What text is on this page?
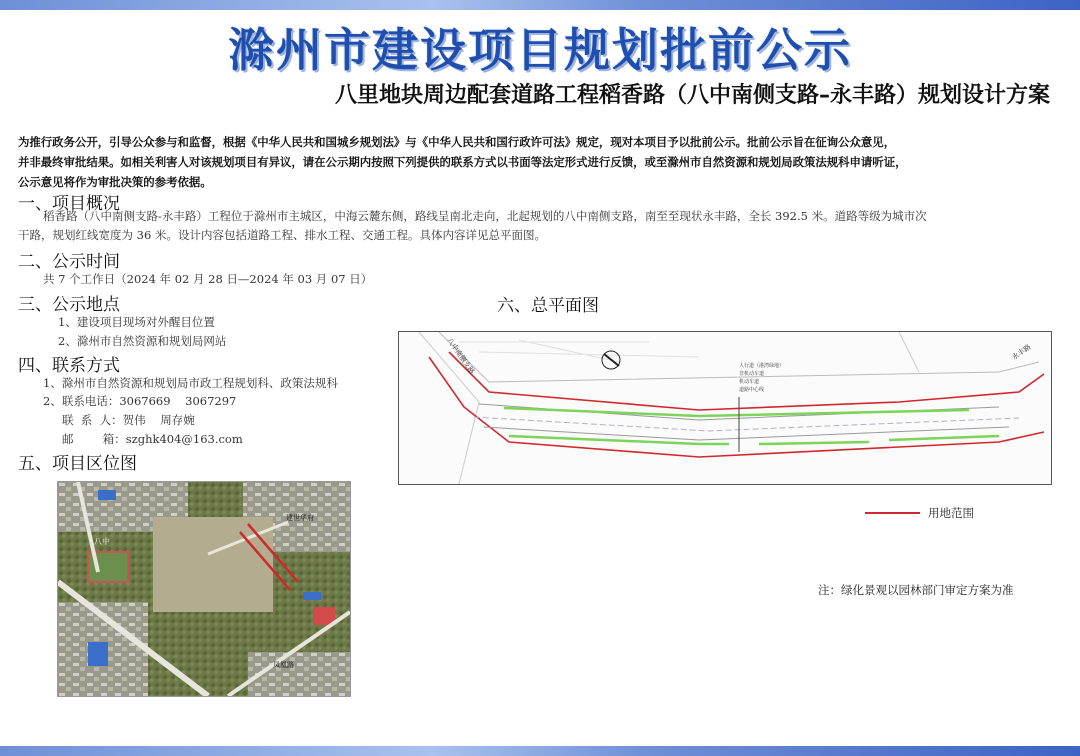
滁州市建设项目规划批前公示
八里地块周边配套道路工程稻香路（八中南侧支路–永丰路）规划设计方案

为推行政务公开，引导公众参与和监督，根据《中华人民共和国城乡规划法》与《中华人民共和国行政许可法》规定，现对本项目予以批前公示。批前公示旨在征询公众意见，

并非最终审批结果。如相关利害人对该规划项目有异议，请在公示期内按照下列提供的联系方式以书面等法定形式进行反馈，或至滁州市自然资源和规划局政策法规科申请听证，

公示意见将作为审批决策的参考依据。

一、项目概况
稻香路（八中南侧支路-永丰路）工程位于滁州市主城区，中海云麓东侧，路线呈南北走向，北起规划的八中南侧支路，南至至现状永丰路，全长 392.5 米。道路等级为城市次
干路，规划红线宽度为 36 米。设计内容包括道路工程、排水工程、交通工程。具体内容详见总平面图。
二、公示时间
共 7 个工作日（2024 年 02 月 28 日—2024 年 03 月 07 日）
三、公示地点
1、建设项目现场对外醒目位置
2、滁州市自然资源和规划局网站
四、联系方式
1、滁州市自然资源和规划局市政工程规划科、政策法规科
2、联系电话：3067669    3067297
联  系  人：贺伟    周存婉
邮        箱：szghk404@163.com
五、项目区位图
八中
建世华府
凤凰路
六、总平面图
人行道（港湾绿地）
非机动车道
机动车道
道路中心线
八中南侧支路	永丰路
用地范围
注：绿化景观以园林部门审定方案为准
